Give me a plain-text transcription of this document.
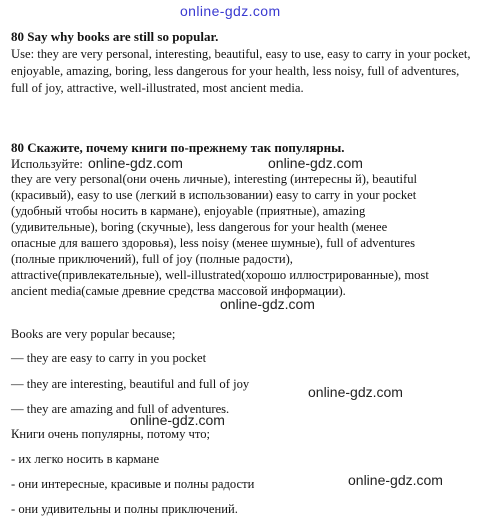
online-gdz.com
online-gdz.com	online-gdz.com
online-gdz.com
online-gdz.com
online-gdz.com
online-gdz.com
80 Say why books are still so popular.
Use: they are very personal, interesting, beautiful, easy to use, easy to carry in your pocket, enjoyable, amazing, boring, less dangerous for your health, less noisy, full of adventures, full of joy, attractive, well-illustrated, most ancient media.
80 Скажите, почему книги по-прежнему так популярны.
Используйте:
they are very personal(они очень личные), interesting (интересны й), beautiful
(красивый), easy to use (легкий в использовании) easy to carry in your pocket
(удобный чтобы носить в кармане), enjoyable (приятные), amazing
(удивительные), boring (скучные), less dangerous for your health (менее
опасные для вашего здоровья), less noisy (менее шумные), full of adventures
(полные приключений), full of joy (полные радости),
attractive(привлекательные), well-illustrated(хорошо иллюстрированные), most
ancient media(самые древние средства массовой информации).
Books are very popular because;
— they are easy to carry in you pocket
— they are interesting, beautiful and full of joy
— they are amazing and full of adventures.
Книги очень популярны, потому что;
- их легко носить в кармане
- они интересные, красивые и полны радости
- они удивительны и полны приключений.
